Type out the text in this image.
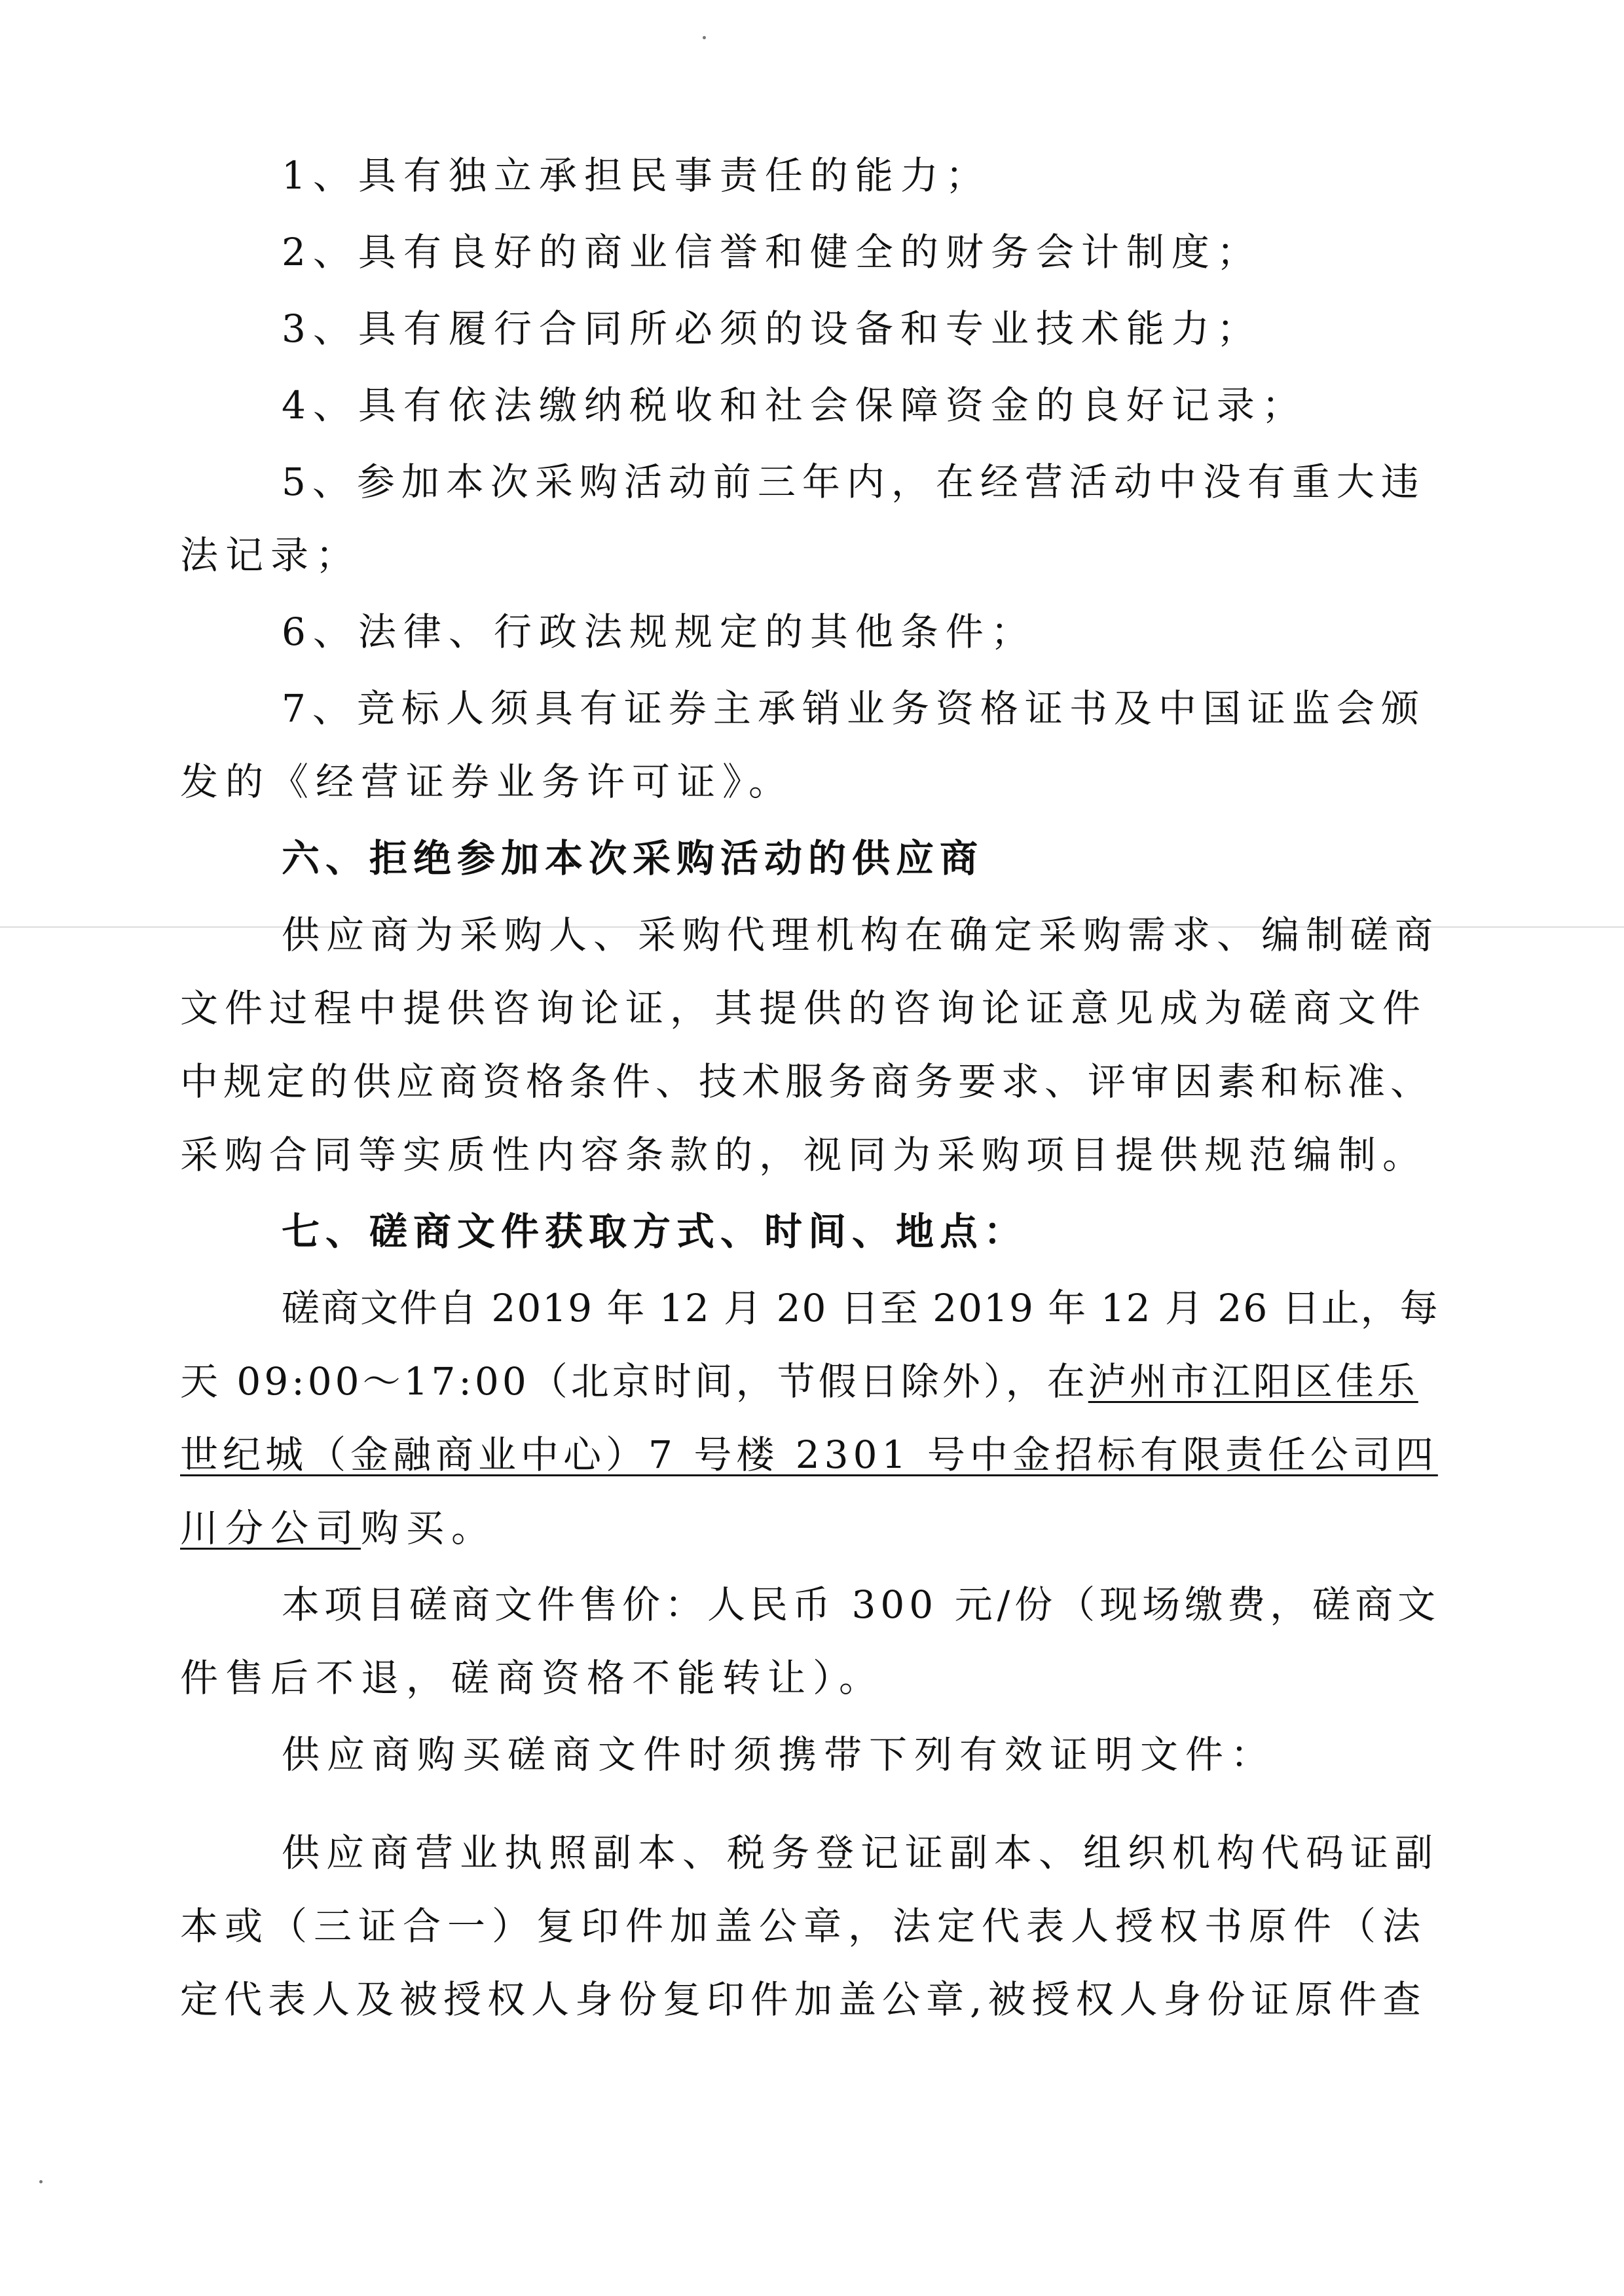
1、具有独立承担民事责任的能力；
2、具有良好的商业信誉和健全的财务会计制度；
3、具有履行合同所必须的设备和专业技术能力；
4、具有依法缴纳税收和社会保障资金的良好记录；
5、参加本次采购活动前三年内，在经营活动中没有重大违
法记录；
6、法律、行政法规规定的其他条件；
7、竞标人须具有证券主承销业务资格证书及中国证监会颁
发的《经营证券业务许可证》。
六、拒绝参加本次采购活动的供应商
供应商为采购人、采购代理机构在确定采购需求、编制磋商
文件过程中提供咨询论证，其提供的咨询论证意见成为磋商文件
中规定的供应商资格条件、技术服务商务要求、评审因素和标准、
采购合同等实质性内容条款的，视同为采购项目提供规范编制。
七、磋商文件获取方式、时间、地点：
磋商文件自 2019 年 12 月 20 日至 2019 年 12 月 26 日止，每
天 09:00～17:00（北京时间，节假日除外），在泸州市江阳区佳乐
世纪城（金融商业中心）7 号楼 2301 号中金招标有限责任公司四
川分公司购买。
本项目磋商文件售价：人民币 300 元/份（现场缴费，磋商文
件售后不退，磋商资格不能转让）。
供应商购买磋商文件时须携带下列有效证明文件：
供应商营业执照副本、税务登记证副本、组织机构代码证副
本或（三证合一）复印件加盖公章，法定代表人授权书原件（法
定代表人及被授权人身份复印件加盖公章,被授权人身份证原件查
